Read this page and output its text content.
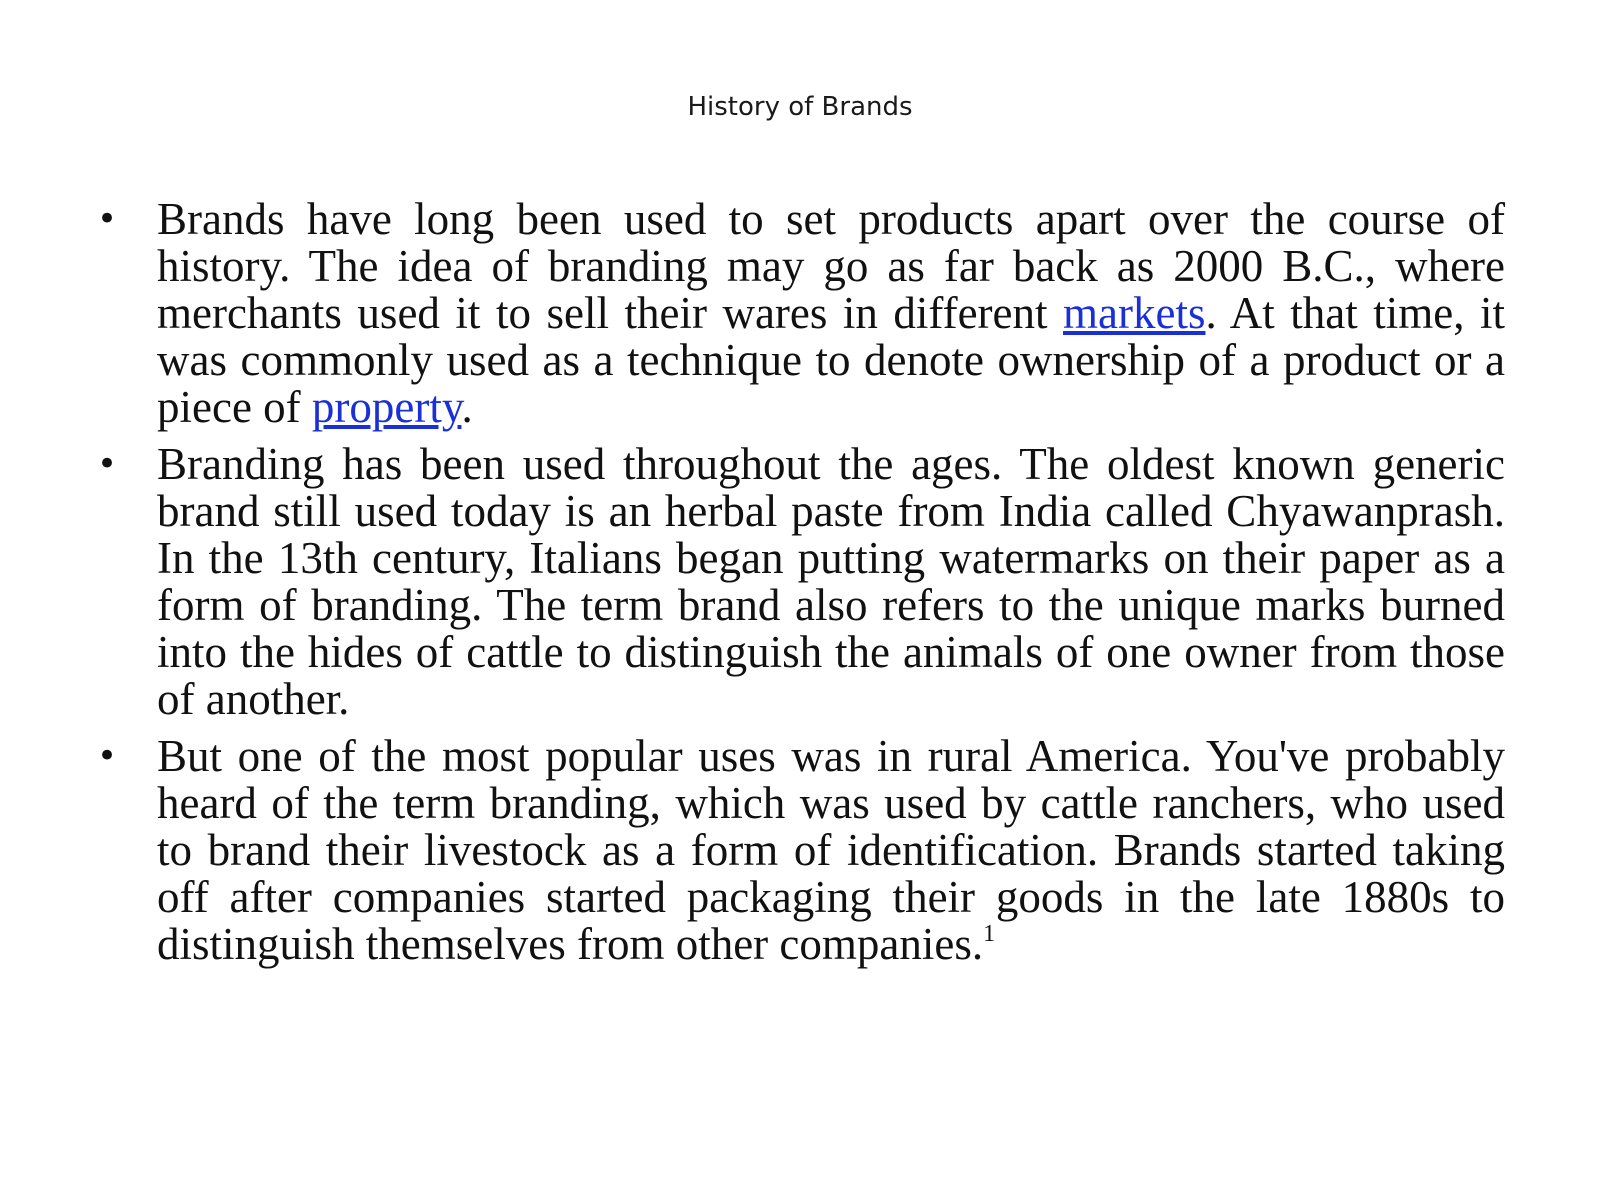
History of Brands
• Brands have long been used to set products apart over the course of history. The idea of branding may go as far back as 2000 B.C., where merchants used it to sell their wares in different markets. At that time, it was commonly used as a technique to denote ownership of a product or a piece of property.
• Branding has been used throughout the ages. The oldest known generic brand still used today is an herbal paste from India called Chyawanprash. In the 13th century, Italians began putting watermarks on their paper as a form of branding. The term brand also refers to the unique marks burned into the hides of cattle to distinguish the animals of one owner from those of another.
• But one of the most popular uses was in rural America. You've probably heard of the term branding, which was used by cattle ranchers, who used to brand their livestock as a form of identification. Brands started taking off after companies started packaging their goods in the late 1880s to distinguish themselves from other companies.$^1$
